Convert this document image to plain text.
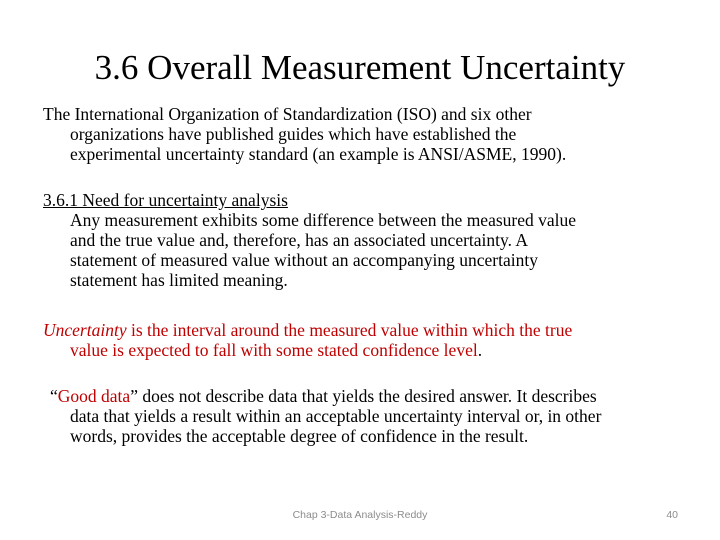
3.6 Overall Measurement Uncertainty
The International Organization of Standardization (ISO) and six other
organizations have published guides which have established the
experimental uncertainty standard (an example is ANSI/ASME, 1990).
3.6.1 Need for uncertainty analysis
Any measurement exhibits some difference between the measured value
and the true value and, therefore, has an associated uncertainty. A
statement of measured value without an accompanying uncertainty
statement has limited meaning.
Uncertainty is the interval around the measured value within which the true
value is expected to fall with some stated confidence level.
“Good data” does not describe data that yields the desired answer. It describes
data that yields a result within an acceptable uncertainty interval or, in other
words, provides the acceptable degree of confidence in the result.
Chap 3-Data Analysis-Reddy	40
